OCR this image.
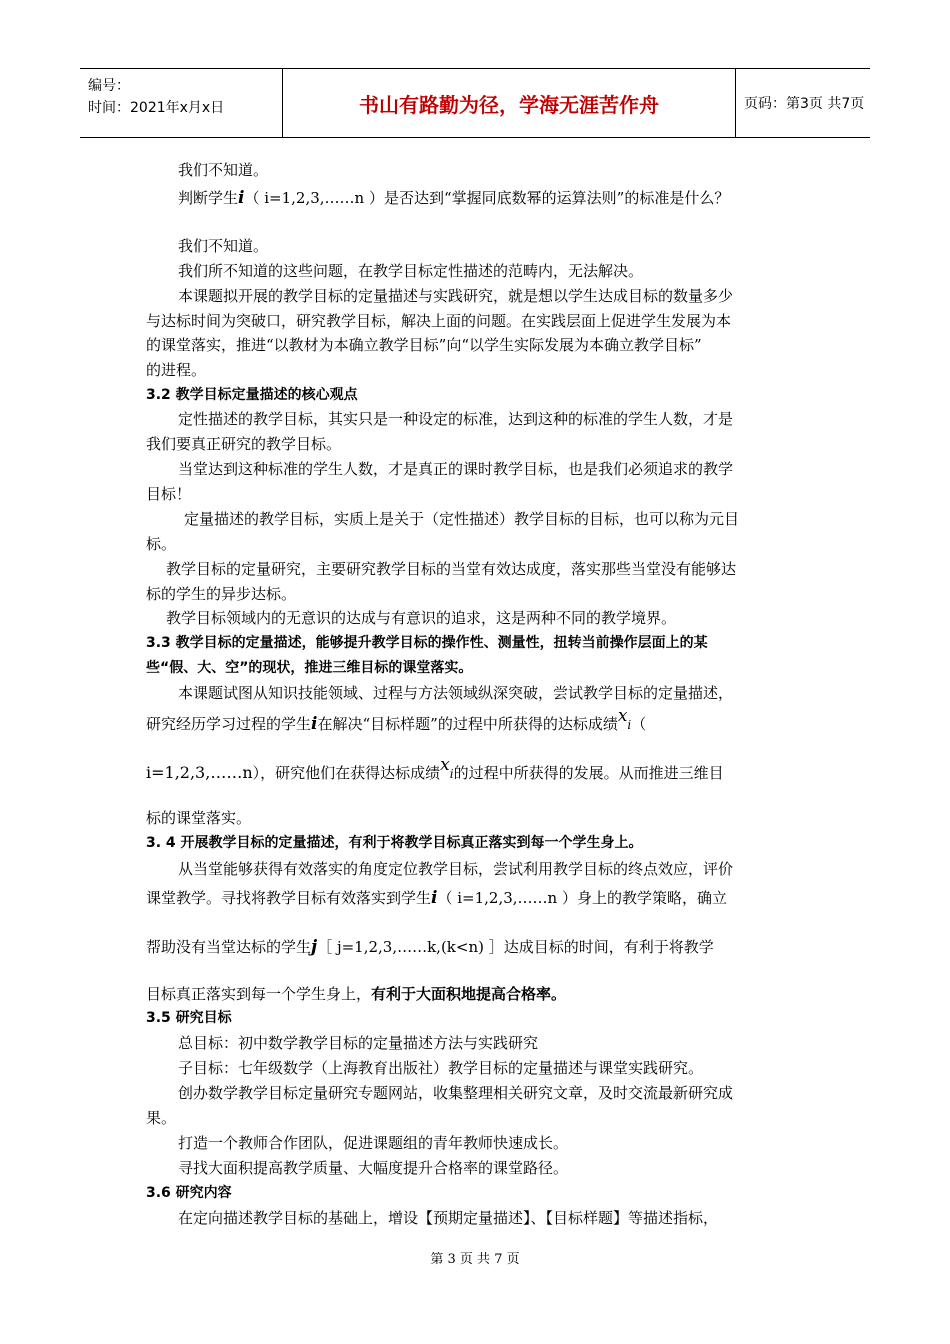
编号：
时间：2021年x月x日	书山有路勤为径，学海无涯苦作舟	页码：第3页 共7页
我们不知道。
判断学生i（ i=1,2,3,……n ）是否达到“掌握同底数幂的运算法则”的标准是什么？
我们不知道。
我们所不知道的这些问题，在教学目标定性描述的范畴内，无法解决。
本课题拟开展的教学目标的定量描述与实践研究，就是想以学生达成目标的数量多少
与达标时间为突破口，研究教学目标，解决上面的问题。在实践层面上促进学生发展为本
的课堂落实，推进“以教材为本确立教学目标”向“以学生实际发展为本确立教学目标”
的进程。
3.2 教学目标定量描述的核心观点
定性描述的教学目标，其实只是一种设定的标准，达到这种的标准的学生人数，才是
我们要真正研究的教学目标。
当堂达到这种标准的学生人数，才是真正的课时教学目标，也是我们必须追求的教学
目标！
定量描述的教学目标，实质上是关于（定性描述）教学目标的目标，也可以称为元目
标。
教学目标的定量研究，主要研究教学目标的当堂有效达成度，落实那些当堂没有能够达
标的学生的异步达标。
教学目标领域内的无意识的达成与有意识的追求，这是两种不同的教学境界。
3.3 教学目标的定量描述，能够提升教学目标的操作性、测量性，扭转当前操作层面上的某
些“假、大、空”的现状，推进三维目标的课堂落实。
本课题试图从知识技能领域、过程与方法领域纵深突破，尝试教学目标的定量描述，
研究经历学习过程的学生i在解决“目标样题”的过程中所获得的达标成绩xi（
i=1,2,3,……n），研究他们在获得达标成绩xi的过程中所获得的发展。从而推进三维目
标的课堂落实。
3. 4 开展教学目标的定量描述，有利于将教学目标真正落实到每一个学生身上。
从当堂能够获得有效落实的角度定位教学目标，尝试利用教学目标的终点效应，评价
课堂教学。寻找将教学目标有效落实到学生i（ i=1,2,3,……n ）身上的教学策略，确立
帮助没有当堂达标的学生j［ j=1,2,3,……k,(k<n) ］达成目标的时间，有利于将教学
目标真正落实到每一个学生身上，有利于大面积地提高合格率。
3.5 研究目标
总目标：初中数学教学目标的定量描述方法与实践研究
子目标：七年级数学（上海教育出版社）教学目标的定量描述与课堂实践研究。
创办数学教学目标定量研究专题网站，收集整理相关研究文章，及时交流最新研究成
果。
打造一个教师合作团队，促进课题组的青年教师快速成长。
寻找大面积提高教学质量、大幅度提升合格率的课堂路径。
3.6 研究内容
在定向描述教学目标的基础上，增设【预期定量描述】、【目标样题】等描述指标，
第 3 页 共 7 页
